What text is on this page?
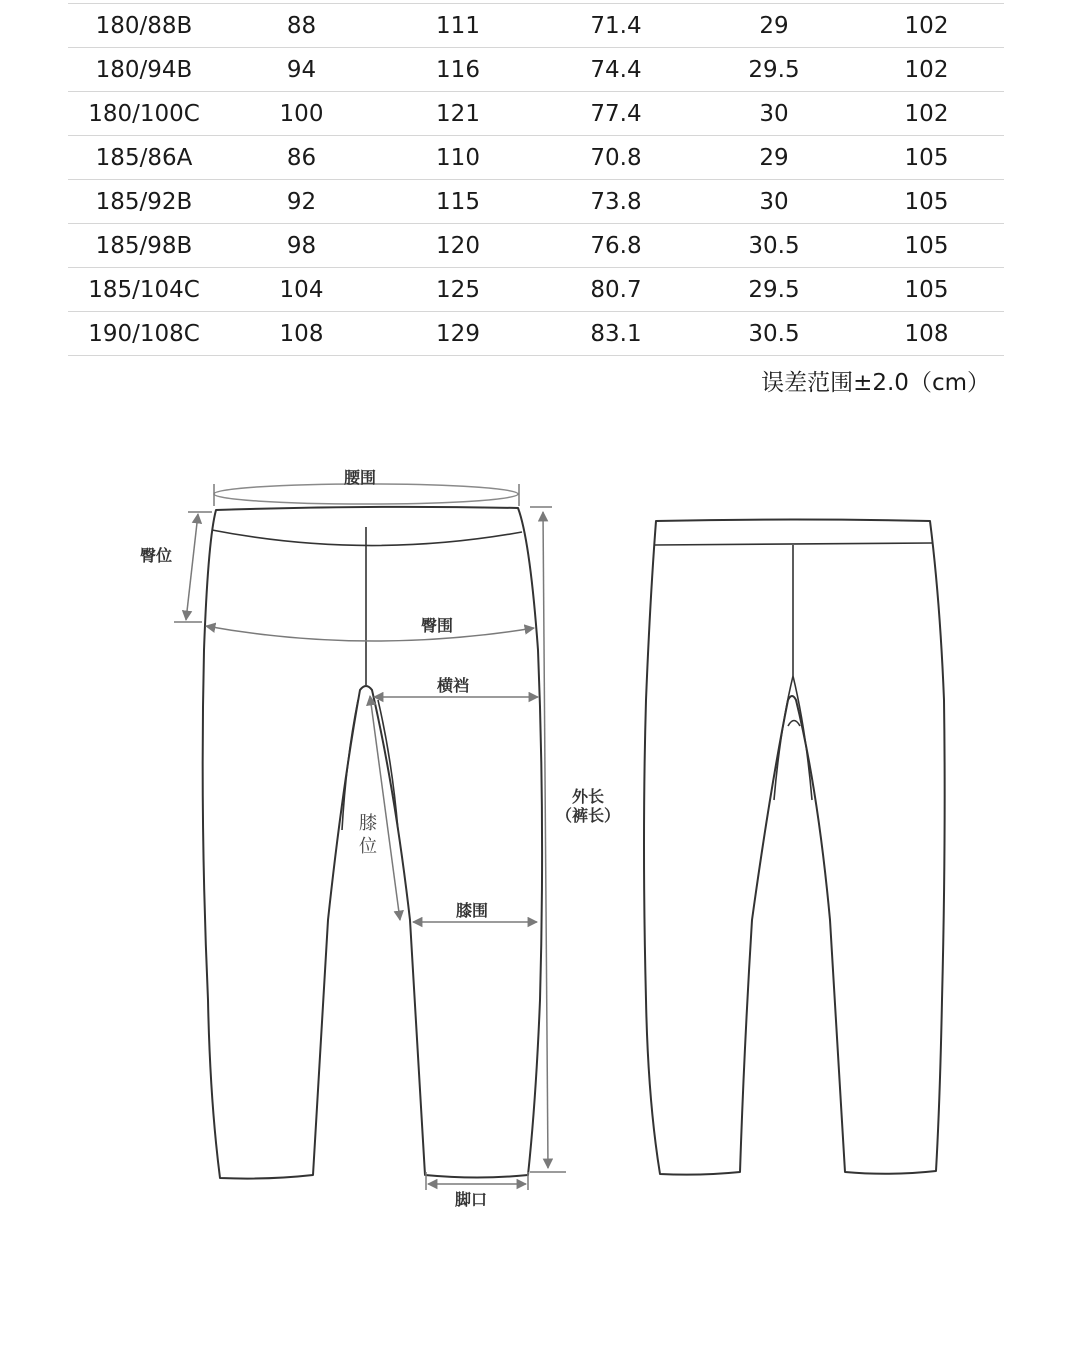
180/88B	88	111	71.4	29	102
180/94B	94	116	74.4	29.5	102
180/100C	100	121	77.4	30	102
185/86A	86	110	70.8	29	105
185/92B	92	115	73.8	30	105
185/98B	98	120	76.8	30.5	105
185/104C	104	125	80.7	29.5	105
190/108C	108	129	83.1	30.5	108
误差范围±2.0（cm）
腰围
臀位
臀围
横裆
膝
位
膝围
外长
（裤长）
脚口
